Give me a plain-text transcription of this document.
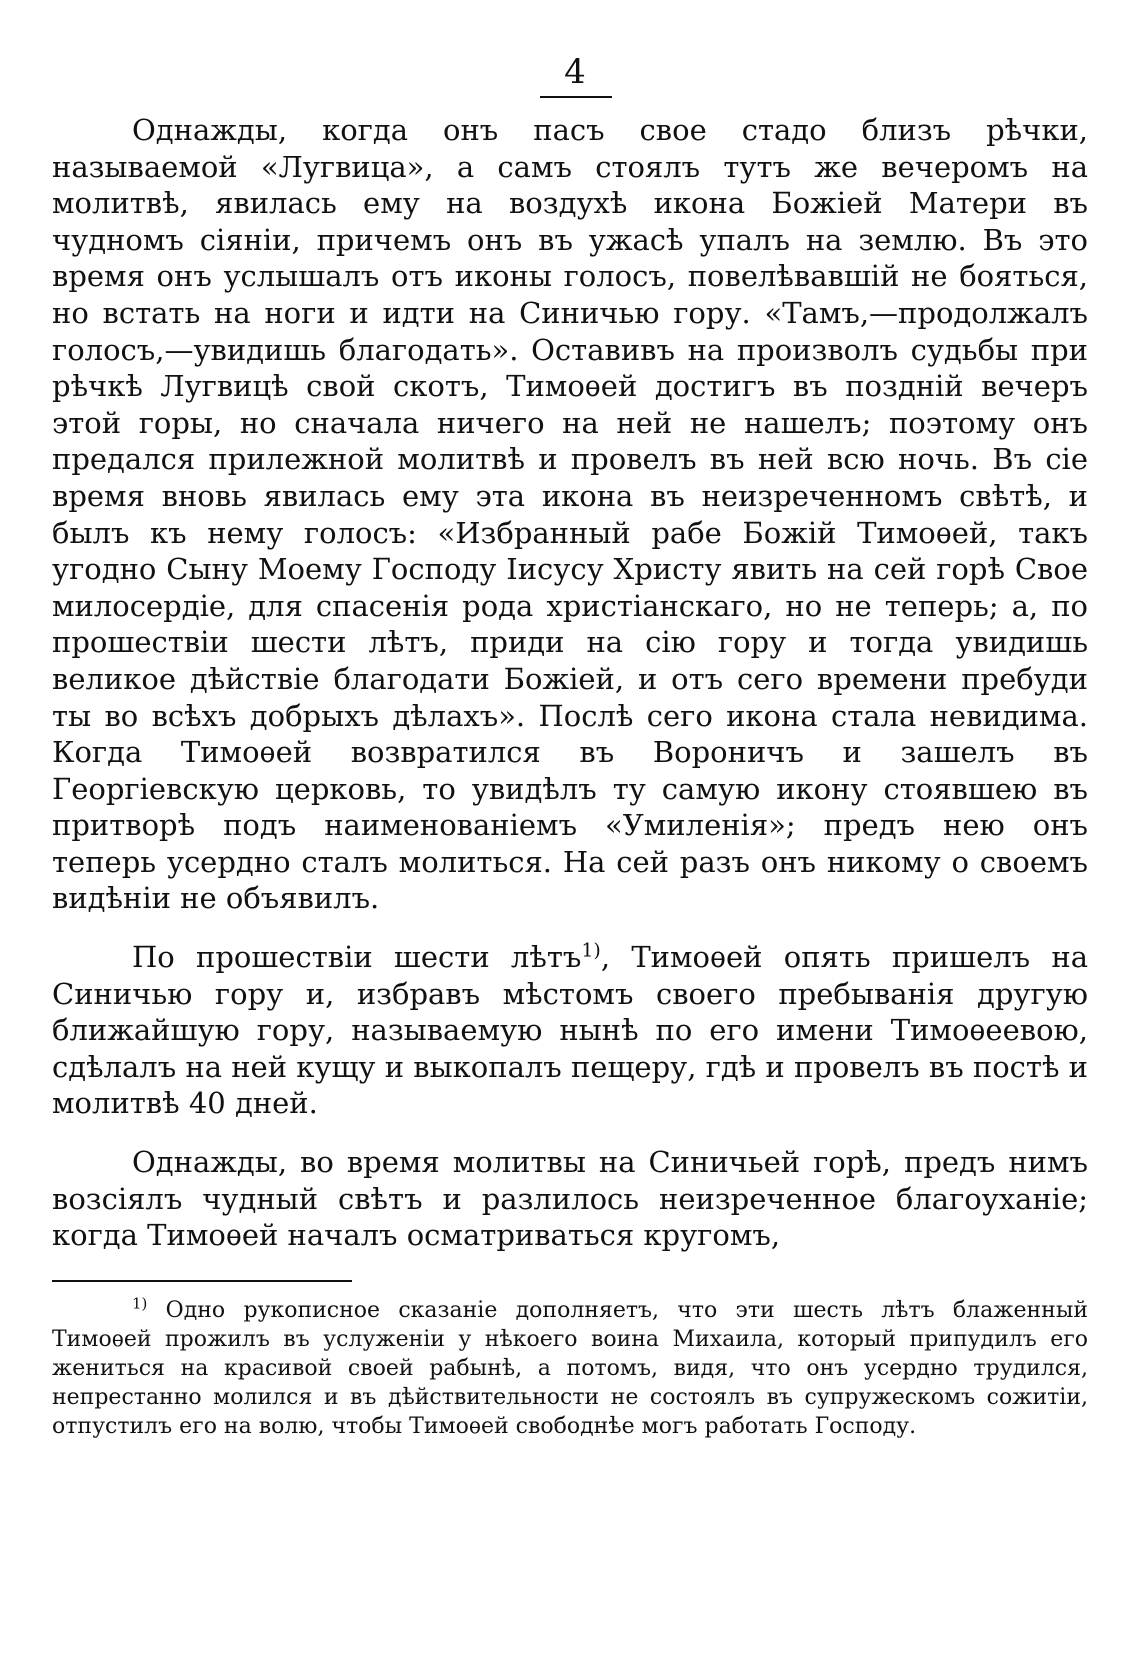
4

Однажды, когда онъ пасъ свое стадо близъ рѣчки, называемой «Лугвица», а самъ стоялъ тутъ же вечеромъ на молитвѣ, явилась ему на воздухѣ икона Божіей Матери въ чудномъ сіяніи, причемъ онъ въ ужасѣ упалъ на землю. Въ это время онъ услышалъ отъ иконы голосъ, повелѣвавшій не бояться, но встать на ноги и идти на Синичью гору. «Тамъ,—продолжалъ голосъ,—увидишь благодать». Оставивъ на произволъ судьбы при рѣчкѣ Лугвицѣ свой скотъ, Тимоѳей достигъ въ поздній вечеръ этой горы, но сначала ничего на ней не нашелъ; поэтому онъ предался прилежной молитвѣ и провелъ въ ней всю ночь. Въ сіе время вновь явилась ему эта икона въ неизреченномъ свѣтѣ, и былъ къ нему голосъ: «Избранный рабе Божій Тимоѳей, такъ угодно Сыну Моему Господу Іисусу Христу явить на сей горѣ Свое милосердіе, для спасенія рода христіанскаго, но не теперь; а, по прошествіи шести лѣтъ, приди на сію гору и тогда увидишь великое дѣйствіе благодати Божіей, и отъ сего времени пребуди ты во всѣхъ добрыхъ дѣлахъ». Послѣ сего икона стала невидима. Когда Тимоѳей возвратился въ Вороничъ и зашелъ въ Георгіевскую церковь, то увидѣлъ ту самую икону стоявшею въ притворѣ подъ наименованіемъ «Умиленія»; предъ нею онъ теперь усердно сталъ молиться. На сей разъ онъ никому о своемъ видѣніи не объявилъ.

По прошествіи шести лѣтъ$^{1)}$, Тимоѳей опять пришелъ на Синичью гору и, избравъ мѣстомъ своего пребыванія другую ближайшую гору, называемую нынѣ по его имени Тимоѳеевою, сдѣлалъ на ней кущу и выкопалъ пещеру, гдѣ и провелъ въ постѣ и молитвѣ 40 дней.

Однажды, во время молитвы на Синичьей горѣ, предъ нимъ возсіялъ чудный свѣтъ и разлилось неизреченное благоуханіе; когда Тимоѳей началъ осматриваться кругомъ,

$^{1)}$ Одно рукописное сказаніе дополняетъ, что эти шесть лѣтъ блаженный Тимоѳей прожилъ въ услуженіи у нѣкоего воина Михаила, который припудилъ его жениться на красивой своей рабынѣ, а потомъ, видя, что онъ усердно трудился, непрестанно молился и въ дѣйствительности не состоялъ въ супружескомъ сожитіи, отпустилъ его на волю, чтобы Тимоѳей свободнѣе могъ работать Господу.
